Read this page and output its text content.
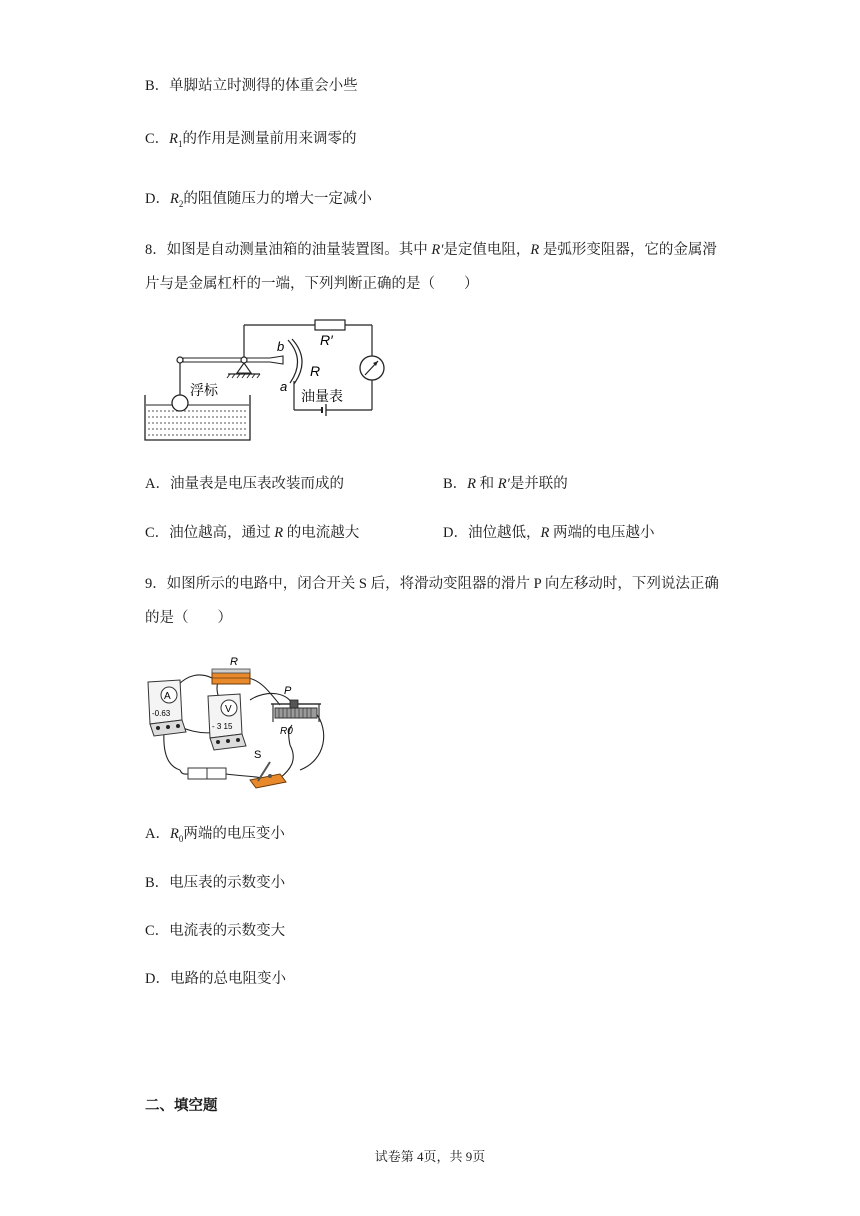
B．单脚站立时测得的体重会小些
C．$R_1$的作用是测量前用来调零的
D．$R_2$的阻值随压力的增大一定减小
8．如图是自动测量油箱的油量装置图。其中 R′是定值电阻，R 是弧形变阻器，它的金属滑片与是金属杠杆的一端，下列判断正确的是（　　）
R′
b
a
R
浮标	油量表
A．油量表是电压表改装而成的	B．R 和 R′是并联的
C．油位越高，通过 R 的电流越大	D．油位越低，R 两端的电压越小
9．如图所示的电路中，闭合开关 S 后，将滑动变阻器的滑片 P 向左移动时，下列说法正确的是（　　）
A
-0.63	V
- 3 15
R
P
R0
S
A．$R_0$两端的电压变小
B．电压表的示数变小
C．电流表的示数变大
D．电路的总电阻变小
二、填空题
试卷第 4页，共 9页
